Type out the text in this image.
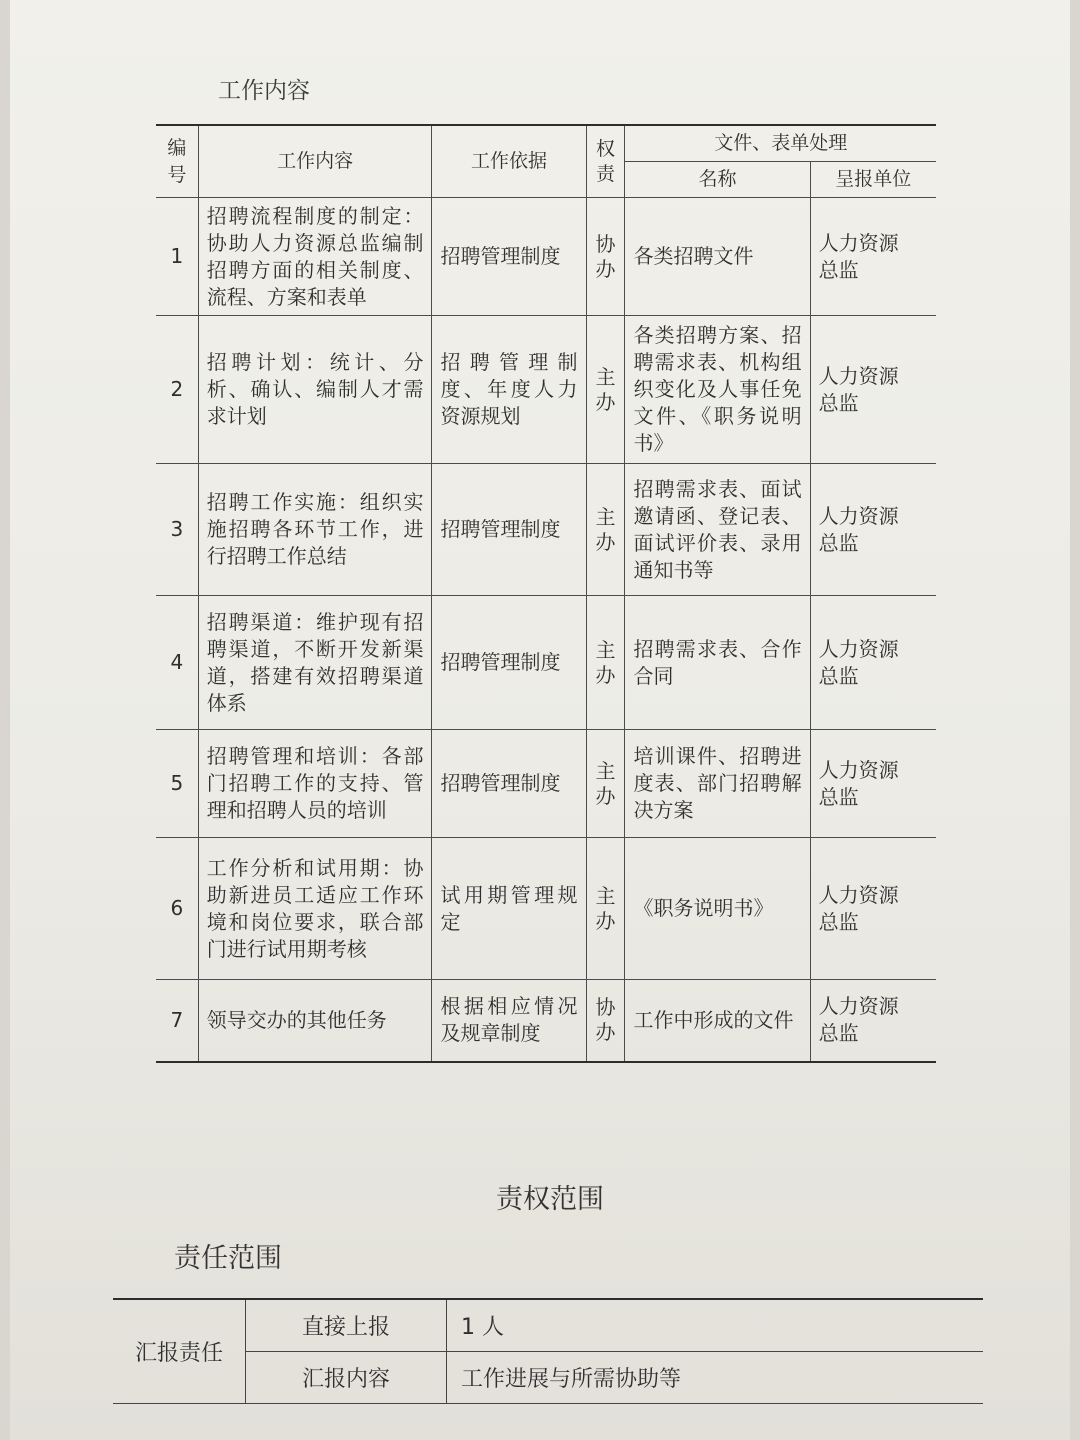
工作内容
编
号	工作内容	工作依据	权
责	文件、表单处理	
				名称	呈报单位
1	招聘流程制度的制定：协助人力资源总监编制招聘方面的相关制度、流程、方案和表单	招聘管理制度	协
办	各类招聘文件	人力资源
总监

2	招聘计划：统计、分析、确认、编制人才需求计划	招聘管理制度、年度人力资源规划	主
办	各类招聘方案、招聘需求表、机构组织变化及人事任免文件、《职务说明书》	人力资源
总监

3	招聘工作实施：组织实施招聘各环节工作，进行招聘工作总结	招聘管理制度	主
办	招聘需求表、面试邀请函、登记表、面试评价表、录用通知书等	人力资源
总监

4	招聘渠道：维护现有招聘渠道，不断开发新渠道，搭建有效招聘渠道体系	招聘管理制度	主
办	招聘需求表、合作合同	人力资源
总监

5	招聘管理和培训：各部门招聘工作的支持、管理和招聘人员的培训	招聘管理制度	主
办	培训课件、招聘进度表、部门招聘解决方案	人力资源
总监

6	工作分析和试用期：协助新进员工适应工作环境和岗位要求，联合部门进行试用期考核	试用期管理规定	主
办	《职务说明书》	人力资源
总监

7	领导交办的其他任务	根据相应情况及规章制度	协
办	工作中形成的文件	人力资源
总监
责权范围
责任范围
汇报责任	直接上报	1 人
	汇报内容	工作进展与所需协助等
